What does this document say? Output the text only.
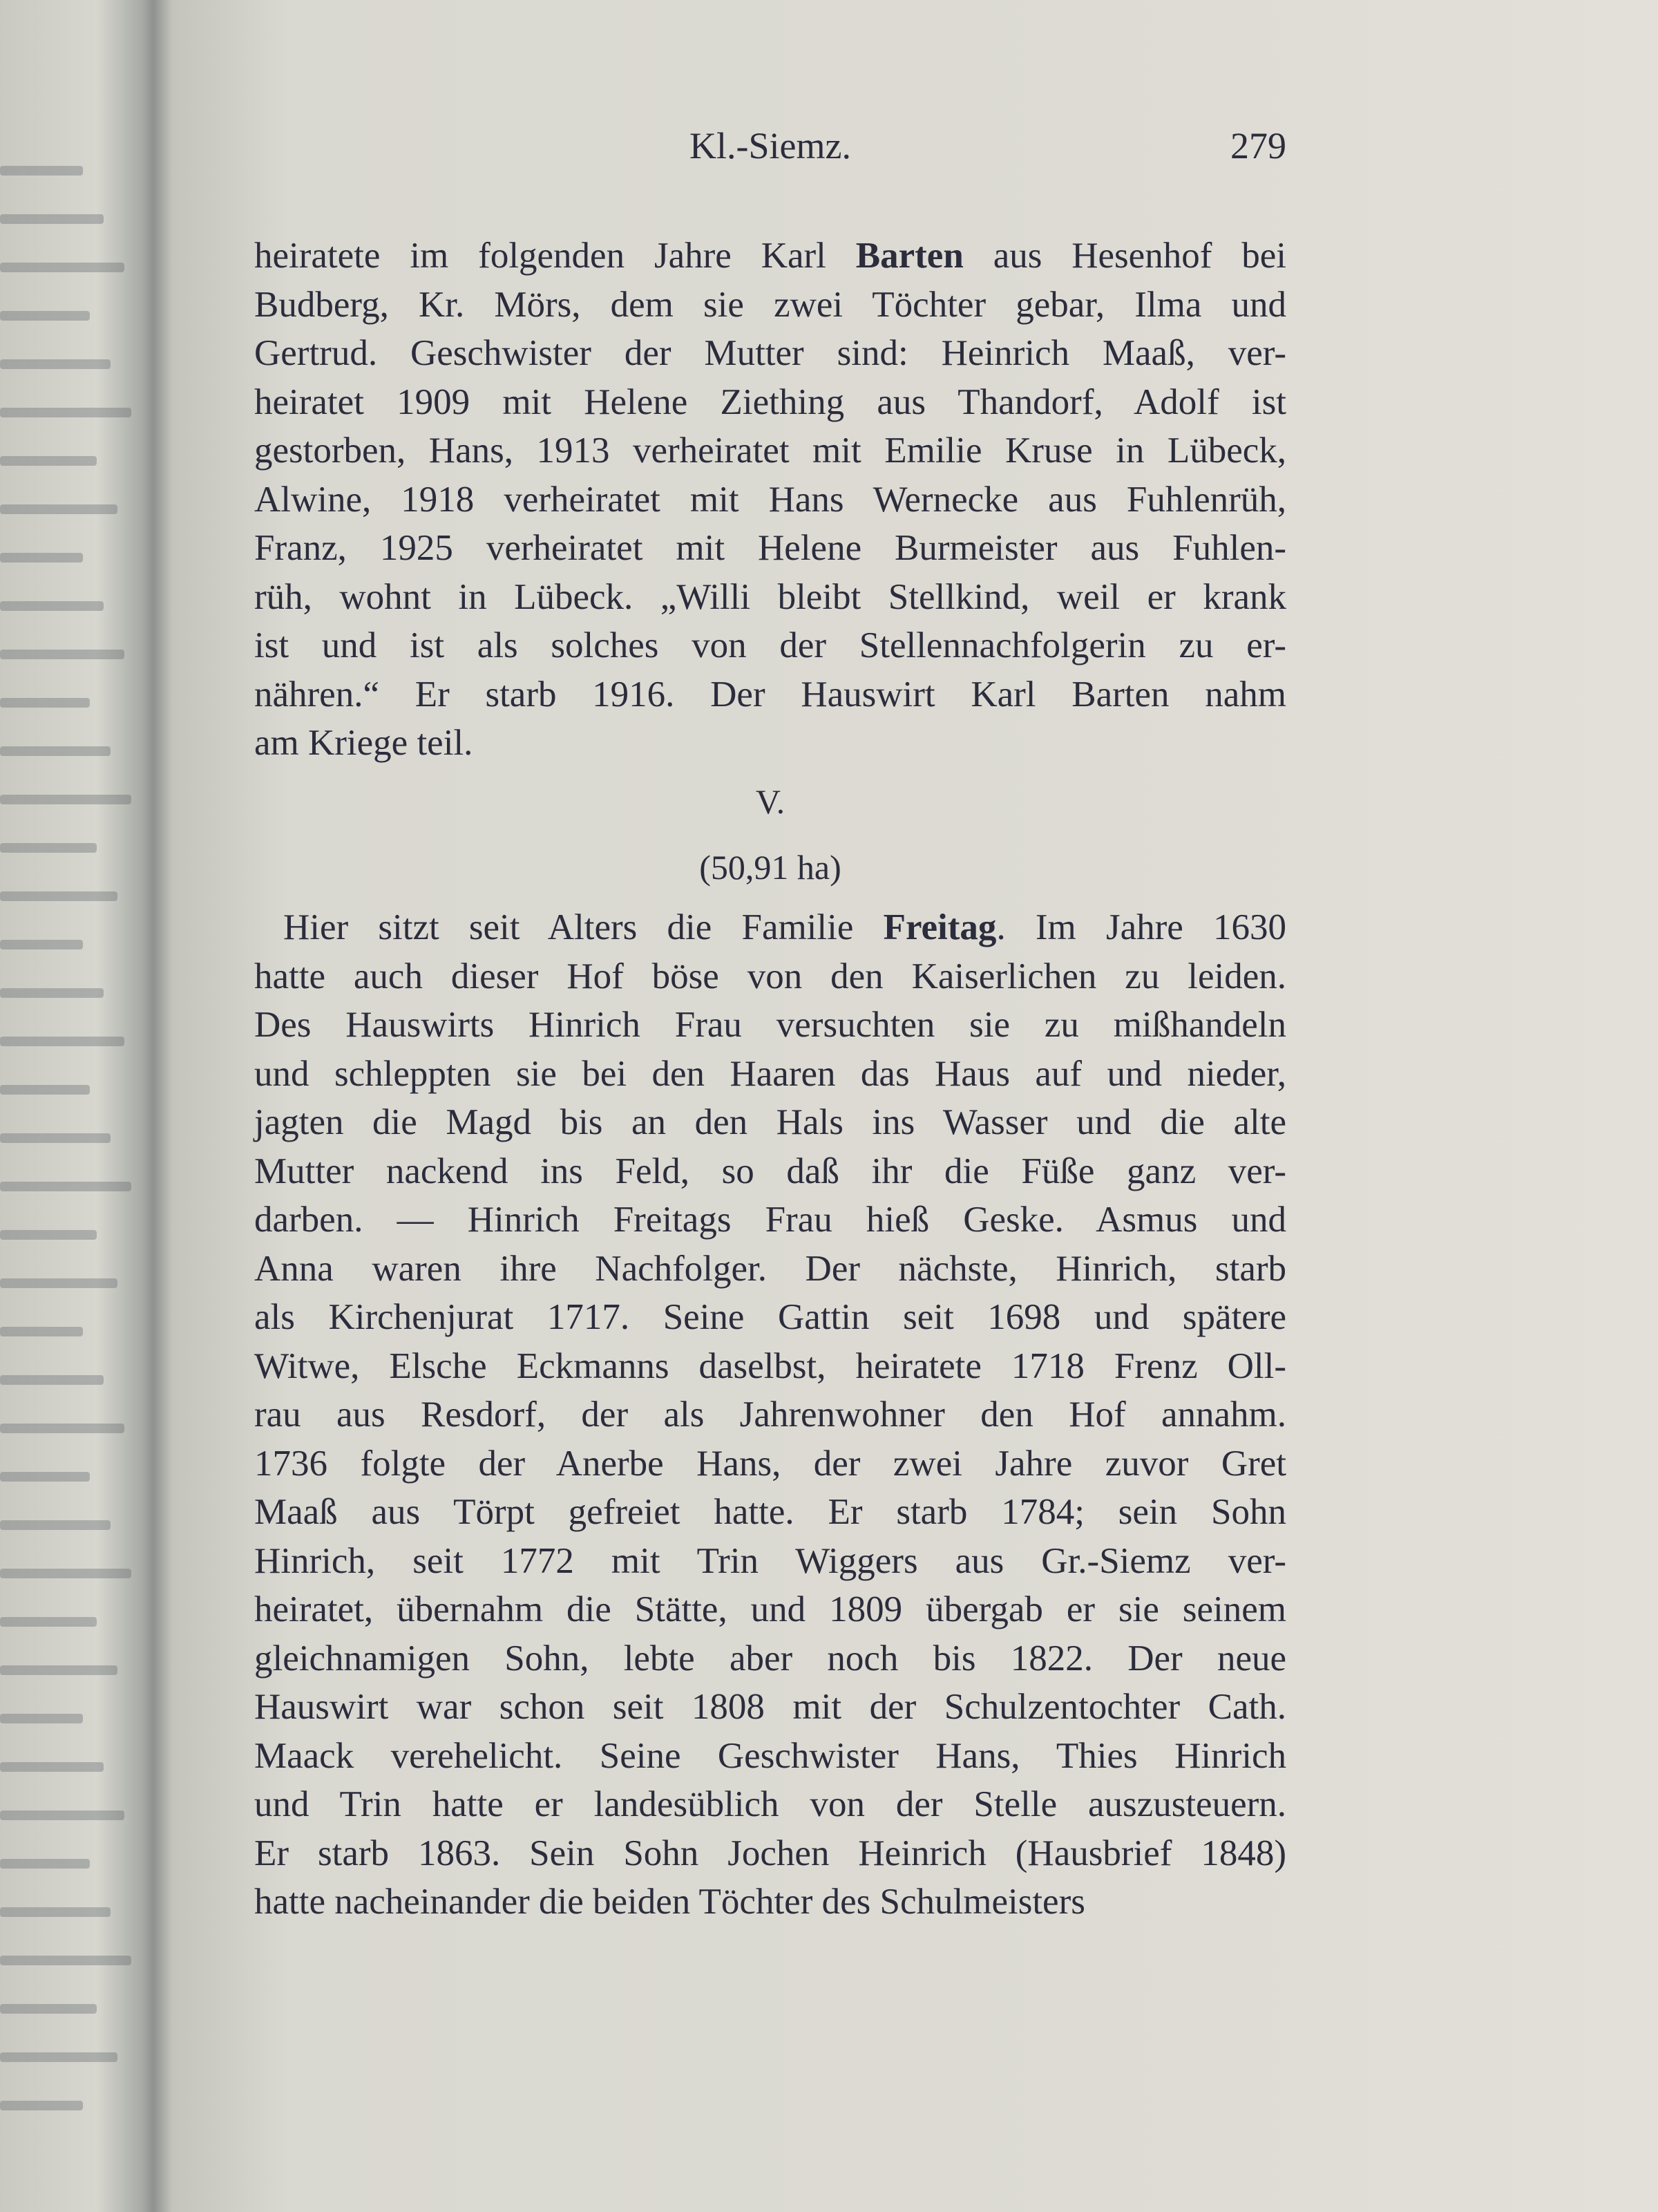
Kl.-Siemz.	279
heiratete im folgenden Jahre Karl Barten aus Hesenhof bei
Budberg, Kr. Mörs, dem sie zwei Töchter gebar, Ilma und
Gertrud. Geschwister der Mutter sind: Heinrich Maaß, ver-
heiratet 1909 mit Helene Ziething aus Thandorf, Adolf ist
gestorben, Hans, 1913 verheiratet mit Emilie Kruse in Lübeck,
Alwine, 1918 verheiratet mit Hans Wernecke aus Fuhlenrüh,
Franz, 1925 verheiratet mit Helene Burmeister aus Fuhlen-
rüh, wohnt in Lübeck. „Willi bleibt Stellkind, weil er krank
ist und ist als solches von der Stellennachfolgerin zu er-
nähren.“ Er starb 1916. Der Hauswirt Karl Barten nahm
am Kriege teil.
V.
(50,91 ha)
Hier sitzt seit Alters die Familie Freitag. Im Jahre 1630
hatte auch dieser Hof böse von den Kaiserlichen zu leiden.
Des Hauswirts Hinrich Frau versuchten sie zu mißhandeln
und schleppten sie bei den Haaren das Haus auf und nieder,
jagten die Magd bis an den Hals ins Wasser und die alte
Mutter nackend ins Feld, so daß ihr die Füße ganz ver-
darben. — Hinrich Freitags Frau hieß Geske. Asmus und
Anna waren ihre Nachfolger. Der nächste, Hinrich, starb
als Kirchenjurat 1717. Seine Gattin seit 1698 und spätere
Witwe, Elsche Eckmanns daselbst, heiratete 1718 Frenz Oll-
rau aus Resdorf, der als Jahrenwohner den Hof annahm.
1736 folgte der Anerbe Hans, der zwei Jahre zuvor Gret
Maaß aus Törpt gefreiet hatte. Er starb 1784; sein Sohn
Hinrich, seit 1772 mit Trin Wiggers aus Gr.-Siemz ver-
heiratet, übernahm die Stätte, und 1809 übergab er sie seinem
gleichnamigen Sohn, lebte aber noch bis 1822. Der neue
Hauswirt war schon seit 1808 mit der Schulzentochter Cath.
Maack verehelicht. Seine Geschwister Hans, Thies Hinrich
und Trin hatte er landesüblich von der Stelle auszusteuern.
Er starb 1863. Sein Sohn Jochen Heinrich (Hausbrief 1848)
hatte nacheinander die beiden Töchter des Schulmeisters
